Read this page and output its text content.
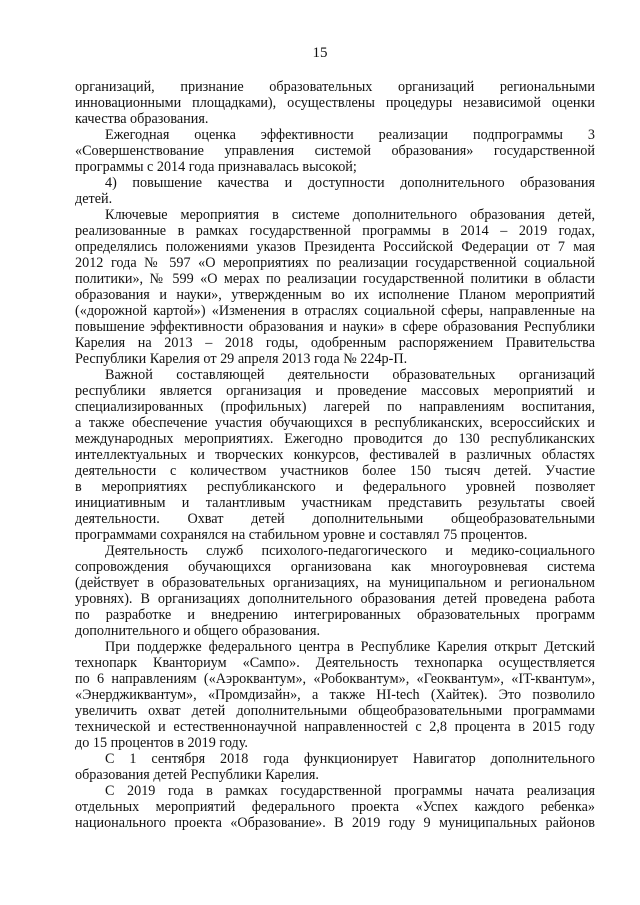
15
организаций, признание образовательных организаций региональными
инновационными площадками), осуществлены процедуры независимой оценки
качества образования.
Ежегодная оценка эффективности реализации подпрограммы 3
«Совершенствование управления системой образования» государственной
программы с 2014 года признавалась высокой;
4) повышение качества и доступности дополнительного образования
детей.
Ключевые мероприятия в системе дополнительного образования детей,
реализованные в рамках государственной программы в 2014 – 2019 годах,
определялись положениями указов Президента Российской Федерации от 7 мая
2012 года № 597 «О мероприятиях по реализации государственной социальной
политики», № 599 «О мерах по реализации государственной политики в области
образования и науки», утвержденным во их исполнение Планом мероприятий
(«дорожной картой») «Изменения в отраслях социальной сферы, направленные на
повышение эффективности образования и науки» в сфере образования Республики
Карелия на 2013 – 2018 годы, одобренным распоряжением Правительства
Республики Карелия от 29 апреля 2013 года № 224р-П.
Важной составляющей деятельности образовательных организаций
республики является организация и проведение массовых мероприятий и
специализированных (профильных) лагерей по направлениям воспитания,
а также обеспечение участия обучающихся в республиканских, всероссийских и
международных мероприятиях. Ежегодно проводится до 130 республиканских
интеллектуальных и творческих конкурсов, фестивалей в различных областях
деятельности с количеством участников более 150 тысяч детей. Участие
в мероприятиях республиканского и федерального уровней позволяет
инициативным и талантливым участникам представить результаты своей
деятельности. Охват детей дополнительными общеобразовательными
программами сохранялся на стабильном уровне и составлял 75 процентов.
Деятельность служб психолого-педагогического и медико-социального
сопровождения обучающихся организована как многоуровневая система
(действует в образовательных организациях, на муниципальном и региональном
уровнях). В организациях дополнительного образования детей проведена работа
по разработке и внедрению интегрированных образовательных программ
дополнительного и общего образования.
При поддержке федерального центра в Республике Карелия открыт Детский
технопарк Кванториум «Сампо». Деятельность технопарка осуществляется
по 6 направлениям («Аэроквантум», «Робоквантум», «Геоквантум», «IT-квантум»,
«Энерджиквантум», «Промдизайн», а также HI-tech (Хайтек). Это позволило
увеличить охват детей дополнительными общеобразовательными программами
технической и естественнонаучной направленностей с 2,8 процента в 2015 году
до 15 процентов в 2019 году.
С 1 сентября 2018 года функционирует Навигатор дополнительного
образования детей Республики Карелия.
С 2019 года в рамках государственной программы начата реализация
отдельных мероприятий федерального проекта «Успех каждого ребенка»
национального проекта «Образование». В 2019 году 9 муниципальных районов
